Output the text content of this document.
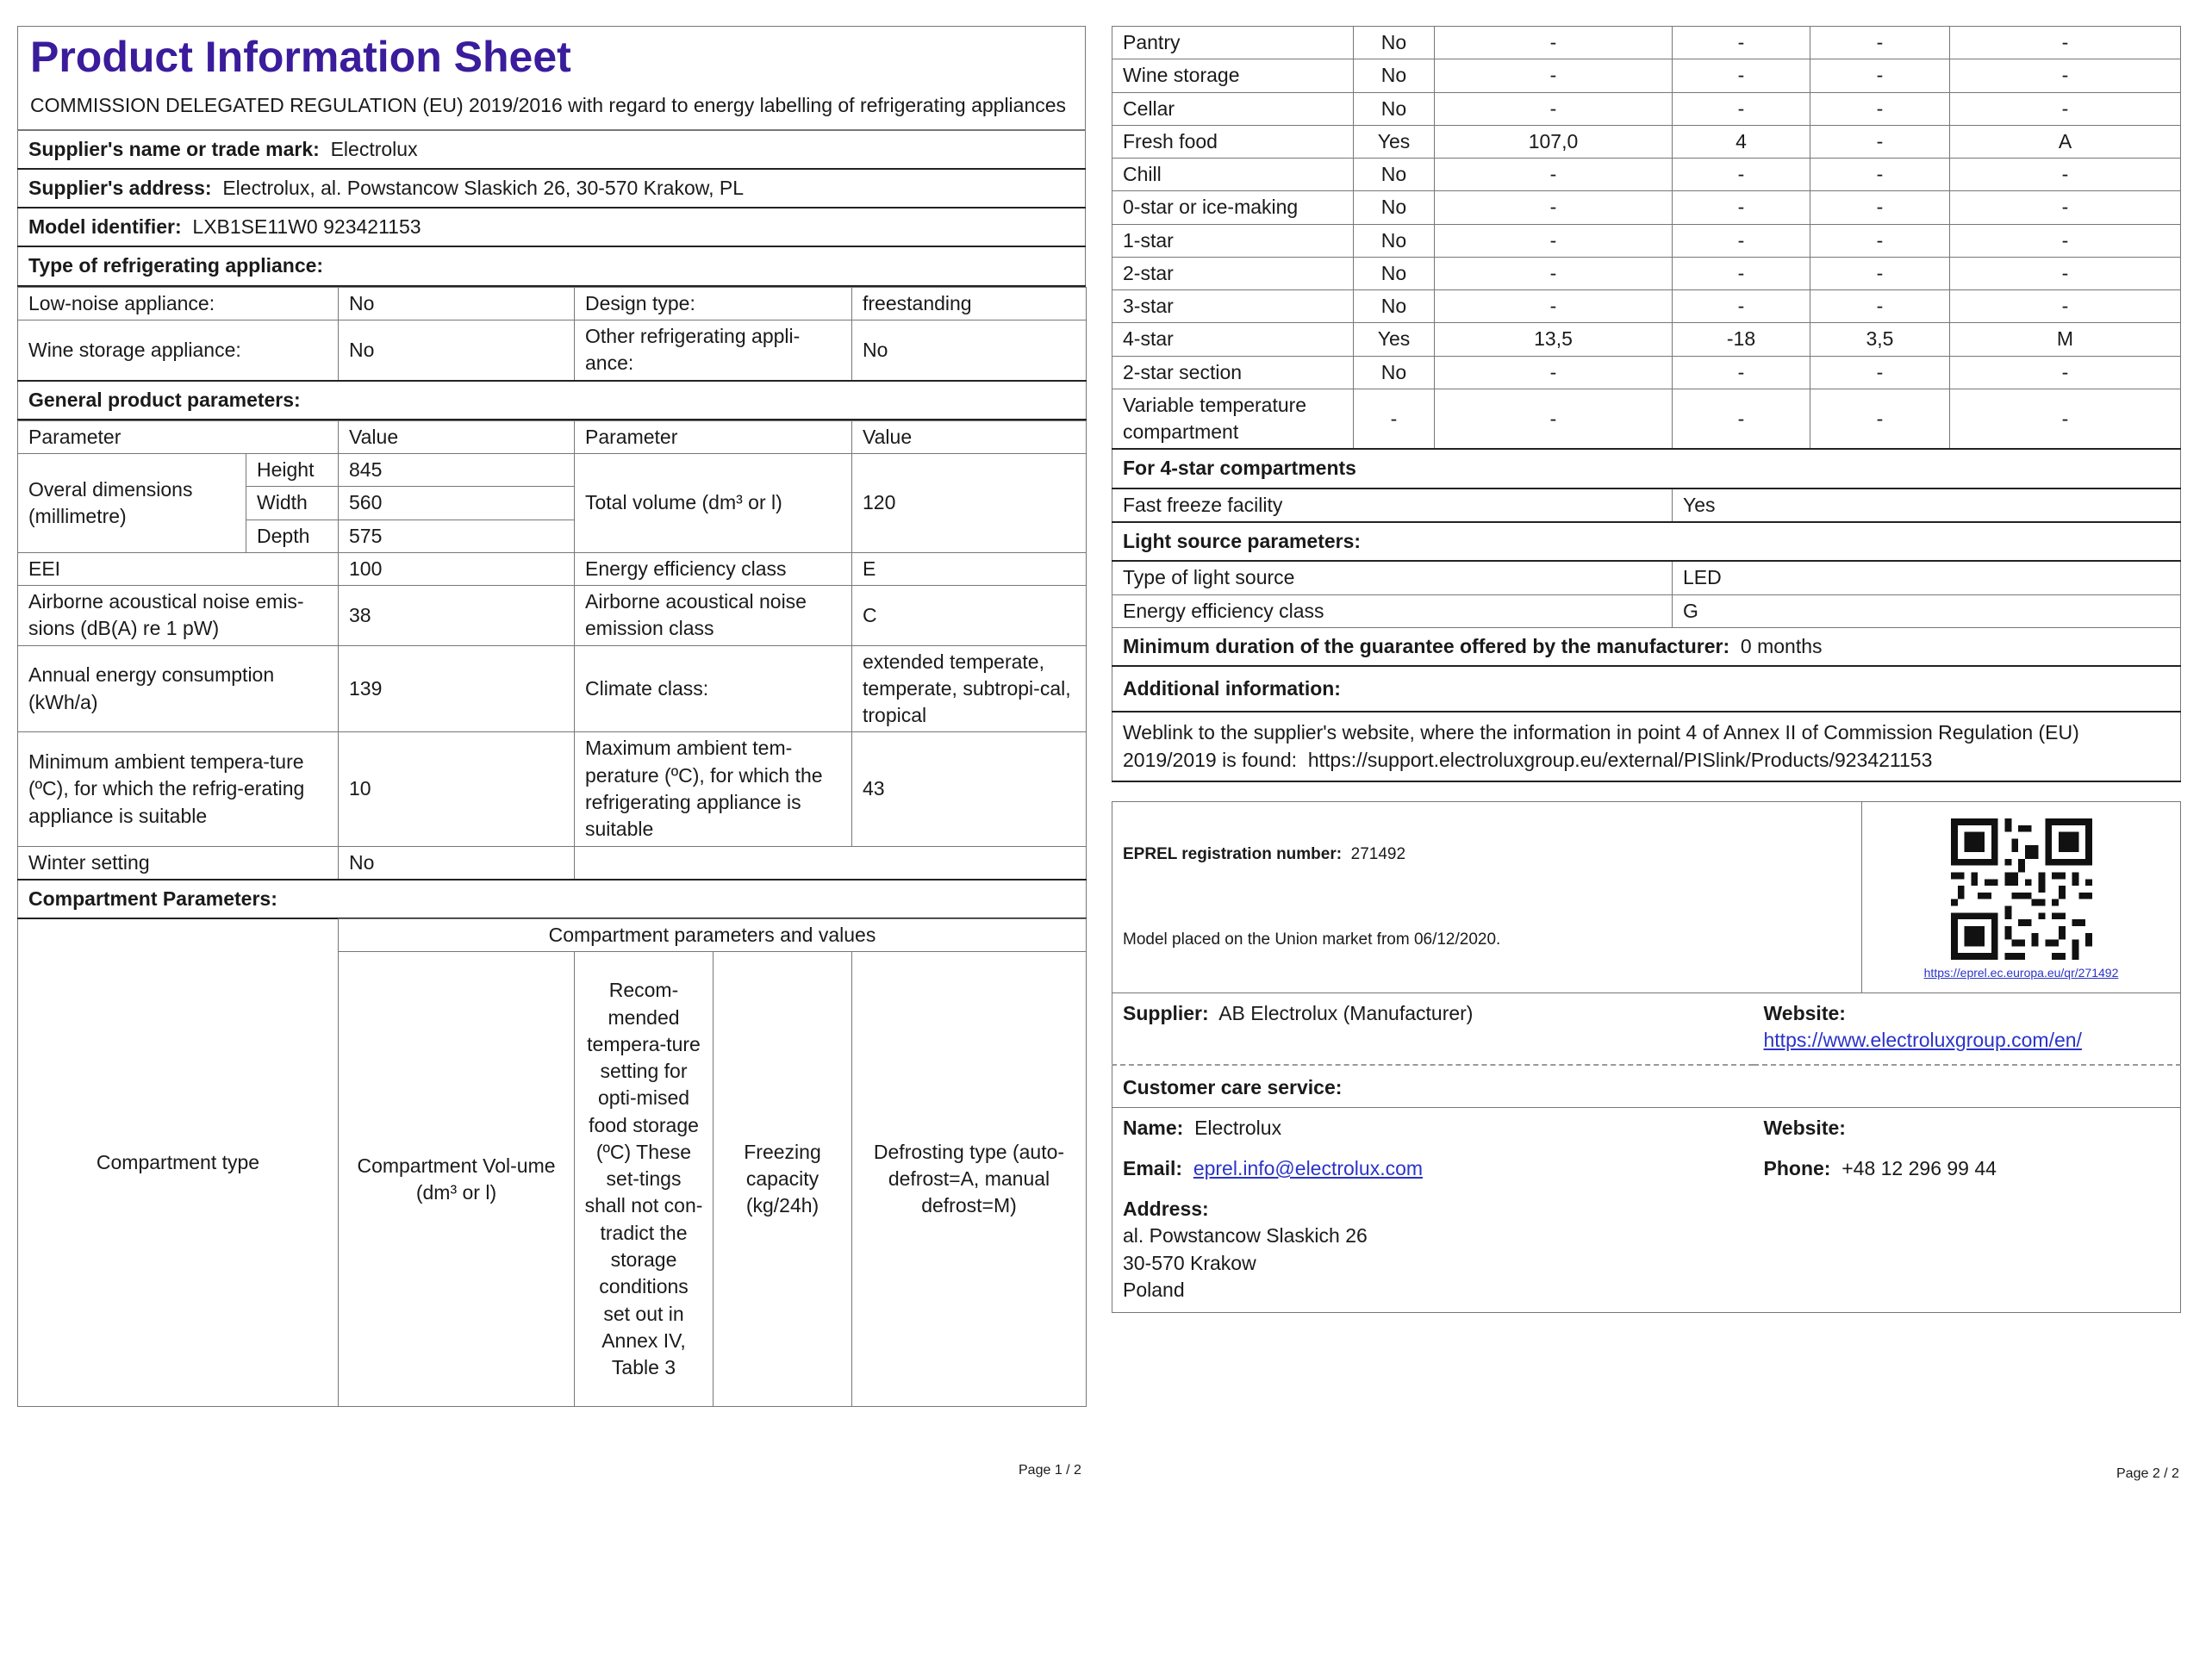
Product Information Sheet
COMMISSION DELEGATED REGULATION (EU) 2019/2016 with regard to energy labelling of refrigerating appliances
Supplier's name or trade mark: Electrolux
Supplier's address: Electrolux, al. Powstancow Slaskich 26, 30-570 Krakow, PL
Model identifier: LXB1SE11W0 923421153
Type of refrigerating appliance:
Low-noise appliance:	No	Design type:	freestanding
Wine storage appliance:	No	Other refrigerating appli-ance:	No
General product parameters:			
Parameter		Value	Parameter	Value
Overal dimensions (millimetre)	Height	845	Total volume (dm³ or l)	120
	Width	560		
	Depth	575		
EEI		100	Energy efficiency class	E
Airborne acoustical noise emis-sions (dB(A) re 1 pW)		38	Airborne acoustical noise emission class	C
Annual energy consumption (kWh/a)		139	Climate class:	extended temperate, temperate, subtropi-cal, tropical
Minimum ambient tempera-ture (ºC), for which the refrig-erating appliance is suitable		10	Maximum ambient tem-perature (ºC), for which the refrigerating appliance is suitable	43
Winter setting		No		
Compartment Parameters:				
Compartment type	Compartment parameters and values			
	Compartment Vol-ume (dm³ or l)	Recom-mended tempera-ture setting for opti-mised food storage (ºC) These set-tings shall not con-tradict the storage conditions set out in Annex IV, Table 3	Freezing capacity (kg/24h)	Defrosting type (auto-defrost=A, manual defrost=M)
Page 1 / 2
Pantry	No	-	-	-	-
Wine storage	No	-	-	-	-
Cellar	No	-	-	-	-
Fresh food	Yes	107,0	4	-	A
Chill	No	-	-	-	-
0-star or ice-making	No	-	-	-	-
1-star	No	-	-	-	-
2-star	No	-	-	-	-
3-star	No	-	-	-	-
4-star	Yes	13,5	-18	3,5	M
2-star section	No	-	-	-	-
Variable temperature compartment	-	-	-	-	-
For 4-star compartments					
Fast freeze facility			Yes		
Light source parameters:					
Type of light source			LED		
Energy efficiency class			G		
Minimum duration of the guarantee offered by the manufacturer: 0 months					
Additional information:					
Weblink to the supplier's website, where the information in point 4 of Annex II of Commission Regulation (EU) 2019/2019 is found: https://support.electroluxgroup.eu/external/PISlink/Products/923421153					
EPREL registration number: 271492
Model placed on the Union market from 06/12/2020.

https://eprel.ec.europa.eu/qr/271492
Supplier: AB Electrolux (Manufacturer)	Website:  https://www.electroluxgroup.com/en/
Customer care service:	
Name: Electrolux	Website:
Email: eprel.info@electrolux.com	Phone: +48 12 296 99 44

Address:
al. Powstancow Slaskich 26
30-570 Krakow
Poland	
Page 2 / 2
